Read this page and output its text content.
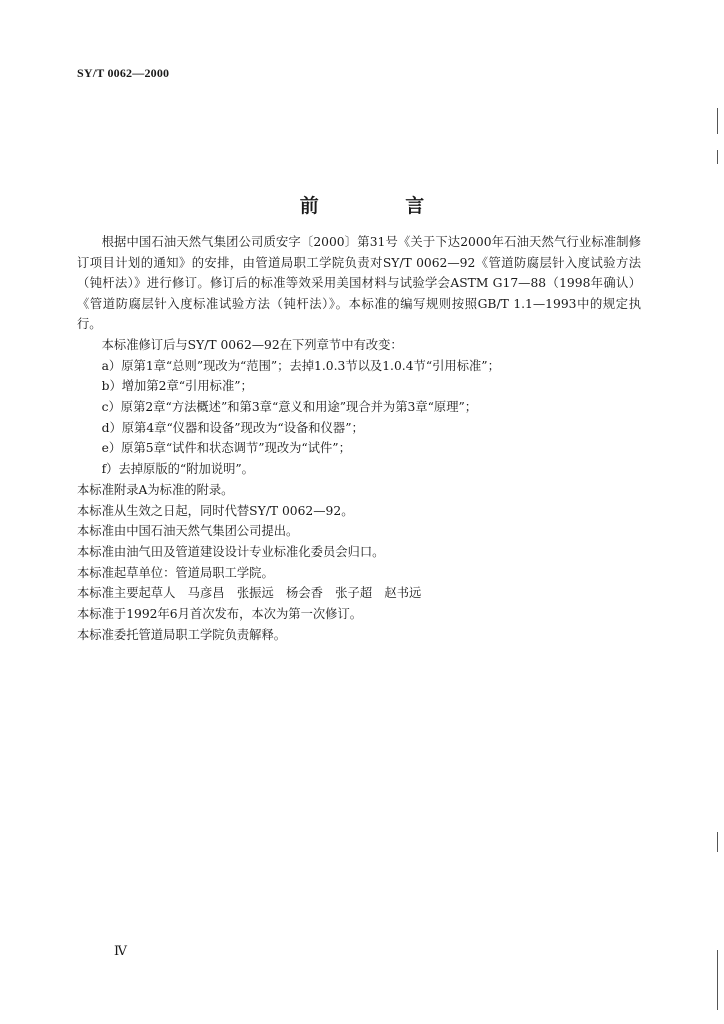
SY/T 0062—2000
前 言
根据中国石油天然气集团公司质安字〔2000〕第31号《关于下达2000年石油天然气行业标准制修订项目计划的通知》的安排，由管道局职工学院负责对SY/T 0062—92《管道防腐层针入度试验方法（钝杆法）》进行修订。修订后的标准等效采用美国材料与试验学会ASTM G17—88（1998年确认）《管道防腐层针入度标准试验方法（钝杆法）》。本标准的编写规则按照GB/T 1.1—1993中的规定执行。
本标准修订后与SY/T 0062—92在下列章节中有改变：
a）原第1章“总则”现改为“范围”；去掉1.0.3节以及1.0.4节“引用标准”；
b）增加第2章“引用标准”；
c）原第2章“方法概述”和第3章“意义和用途”现合并为第3章“原理”；
d）原第4章“仪器和设备”现改为“设备和仪器”；
e）原第5章“试件和状态调节”现改为“试件”；
f）去掉原版的“附加说明”。
本标准附录A为标准的附录。
本标准从生效之日起，同时代替SY/T 0062—92。
本标准由中国石油天然气集团公司提出。
本标准由油气田及管道建设设计专业标准化委员会归口。
本标准起草单位：管道局职工学院。
本标准主要起草人　马彦昌　张振远　杨会香　张子超　赵书远
本标准于1992年6月首次发布，本次为第一次修订。
本标准委托管道局职工学院负责解释。
Ⅳ
